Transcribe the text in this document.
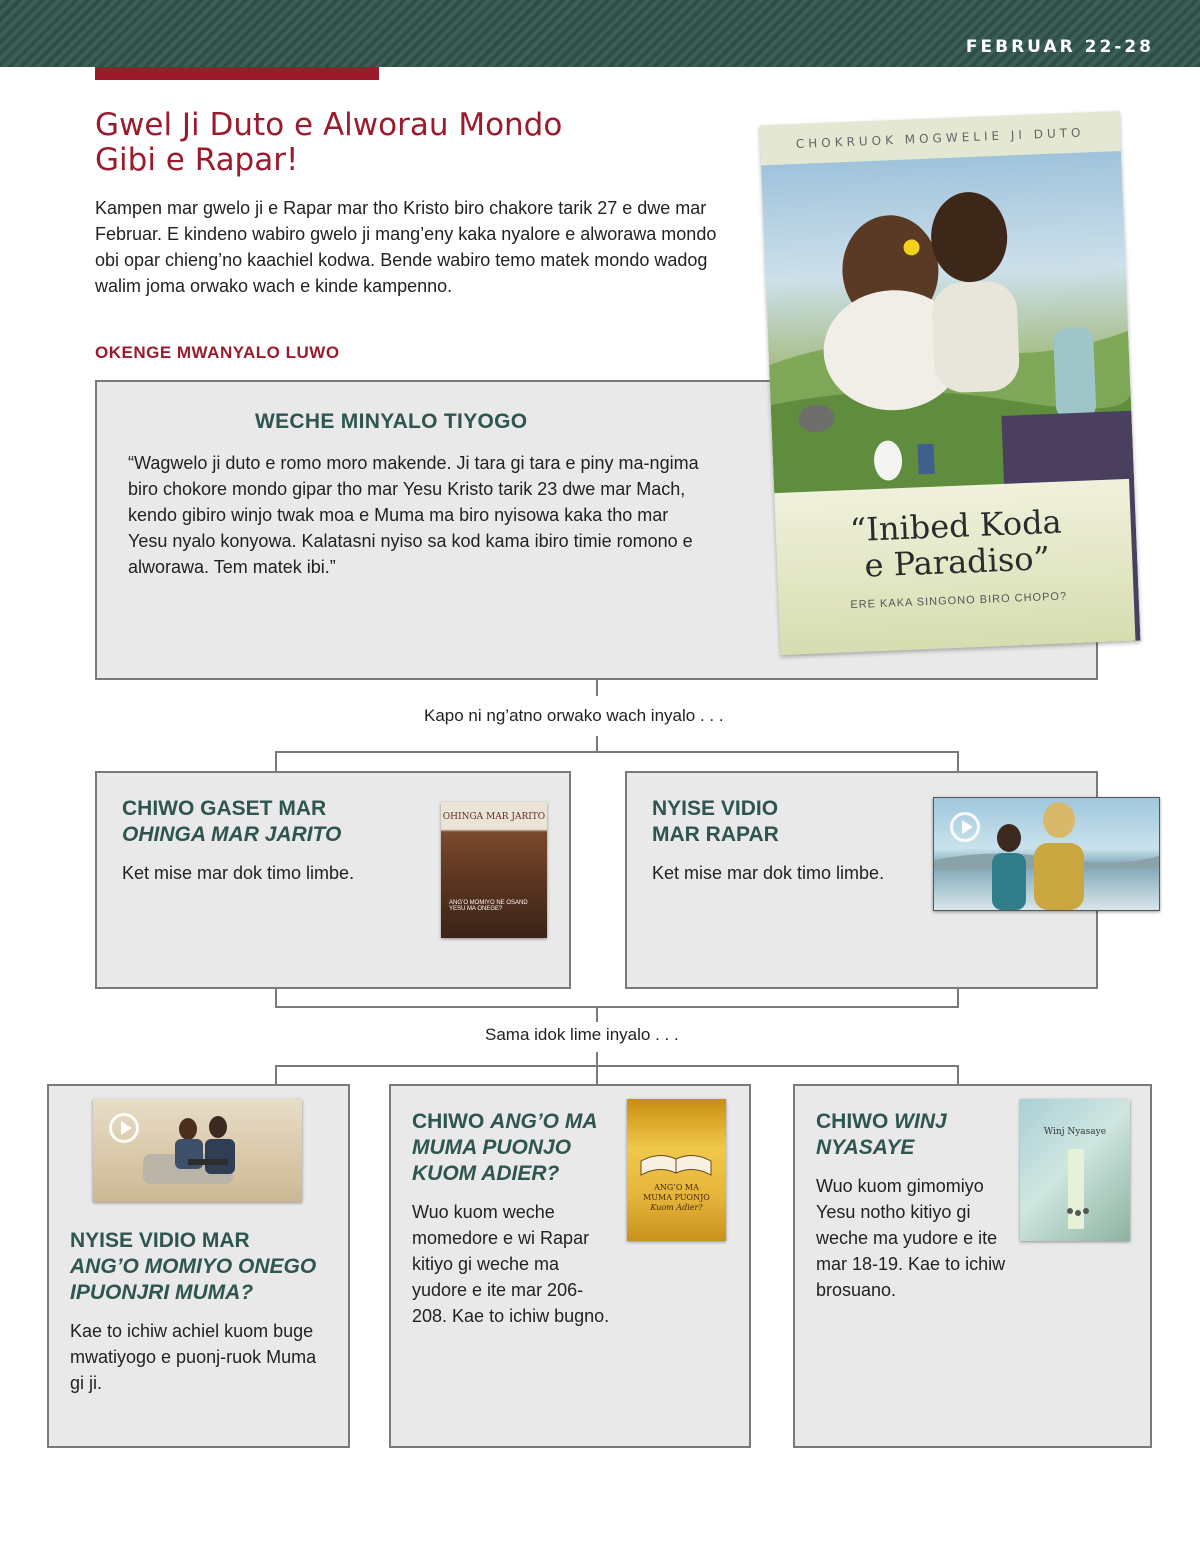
FEBRUAR 22-28
Gwel Ji Duto e Alworau Mondo Gibi e Rapar!
Kampen mar gwelo ji e Rapar mar tho Kristo biro chakore tarik 27 e dwe mar Februar. E kindeno wabiro gwelo ji mang’eny kaka nyalore e alworawa mondo obi opar chieng’no kaachiel kodwa. Bende wabiro temo matek mondo wadog walim joma orwako wach e kinde kampenno.
OKENGE MWANYALO LUWO
WECHE MINYALO TIYOGO
“Wagwelo ji duto e romo moro makende. Ji tara gi tara e piny ma-ngima biro chokore mondo gipar tho mar Yesu Kristo tarik 23 dwe mar Mach, kendo gibiro winjo twak moa e Muma ma biro nyisowa kaka tho mar Yesu nyalo konyowa. Kalatasni nyiso sa kod kama ibiro timie romono e alworawa. Tem matek ibi.”
CHOKRUOK MOGWELIE JI DUTO
“Inibed Koda
e Paradiso”
ERE KAKA SINGONO BIRO CHOPO?
Kapo ni ng’atno orwako wach inyalo . . .

CHIWO GASET MAR
OHINGA MAR JARITO

Ket mise mar dok timo limbe.

OHINGA MAR JARITO
ANG’O MOMIYO NE OSAND YESU MA ONEGE?

NYISE VIDIO
MAR RAPAR

Ket mise mar dok timo limbe.

Sama idok lime inyalo . . .

NYISE VIDIO MAR
ANG’O MOMIYO ONEGO IPUONJRI MUMA?

Kae to ichiw achiel kuom buge mwatiyogo e puonj-ruok Muma gi ji.

CHIWO ANG’O MA MUMA PUONJO KUOM ADIER?

Wuo kuom weche momedore e wi Rapar kitiyo gi weche ma yudore e ite mar 206-208. Kae to ichiw bugno.

ANG’O MA
MUMA PUONJO
Kuom Adier?

CHIWO WINJ NYASAYE

Wuo kuom gimomiyo Yesu notho kitiyo gi weche ma yudore e ite mar 18-19. Kae to ichiw brosuano.

Winj Nyasaye
